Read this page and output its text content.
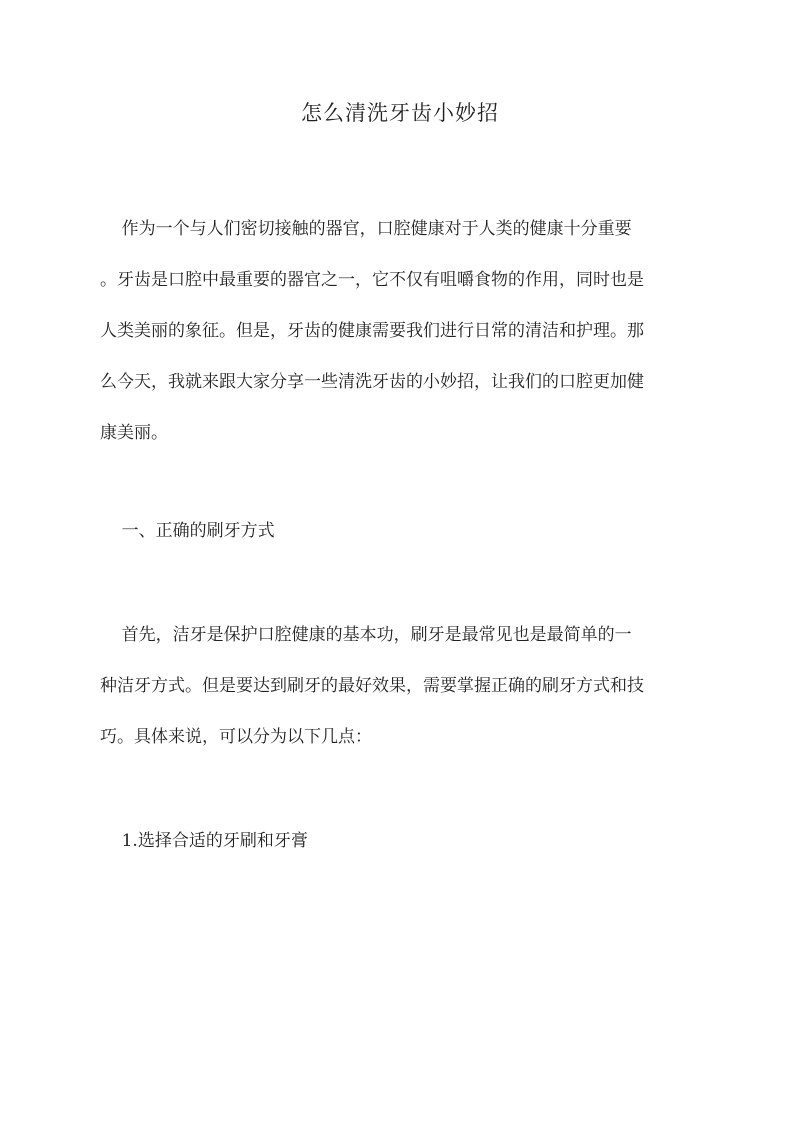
怎么清洗牙齿小妙招
作为一个与人们密切接触的器官，口腔健康对于人类的健康十分重要
。牙齿是口腔中最重要的器官之一，它不仅有咀嚼食物的作用，同时也是
人类美丽的象征。但是，牙齿的健康需要我们进行日常的清洁和护理。那
么今天，我就来跟大家分享一些清洗牙齿的小妙招，让我们的口腔更加健
康美丽。
一、正确的刷牙方式
首先，洁牙是保护口腔健康的基本功，刷牙是最常见也是最简单的一
种洁牙方式。但是要达到刷牙的最好效果，需要掌握正确的刷牙方式和技
巧。具体来说，可以分为以下几点：
1.选择合适的牙刷和牙膏
